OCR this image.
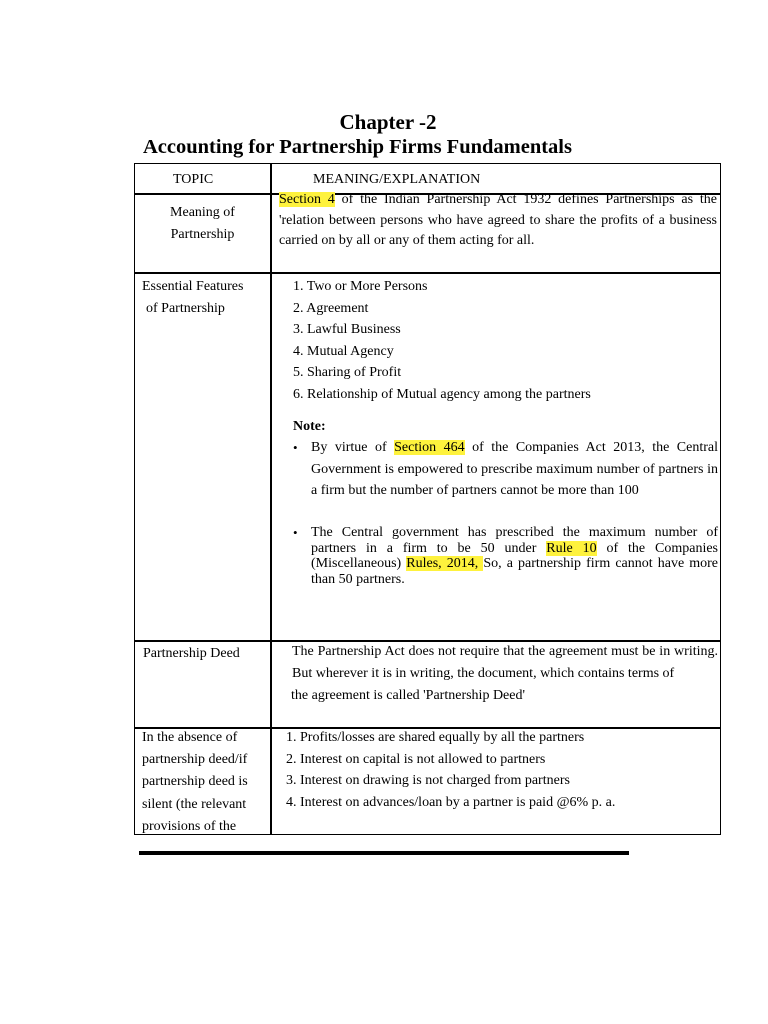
Chapter -2
Accounting for Partnership Firms Fundamentals
TOPIC	MEANING/EXPLANATION
Meaning of
Partnership
Section 4 of the Indian Partnership Act 1932 defines Partnerships as the 'relation between persons who have agreed to share the profits of a business carried on by all or any of them acting for all.
Essential Features
of Partnership
1. Two or More Persons
2. Agreement
3. Lawful Business
4. Mutual Agency
5. Sharing of Profit
6. Relationship of Mutual agency among the partners
Note:
• By virtue of Section 464 of the Companies Act 2013, the Central Government is empowered to prescribe maximum number of partners in a firm but the number of partners cannot be more than 100
• The Central government has prescribed the maximum number of partners in a firm to be 50 under Rule 10 of the Companies (Miscellaneous) Rules, 2014, So, a partnership firm cannot have more than 50 partners.
Partnership Deed	The Partnership Act does not require that the agreement must be in writing. But wherever it is in writing, the document, which contains terms of
the agreement is called 'Partnership Deed'
In the absence of partnership deed/if partnership deed is silent (the relevant provisions of the
1. Profits/losses are shared equally by all the partners
2. Interest on capital is not allowed to partners
3. Interest on drawing is not charged from partners
4. Interest on advances/loan by a partner is paid @6% p. a.
